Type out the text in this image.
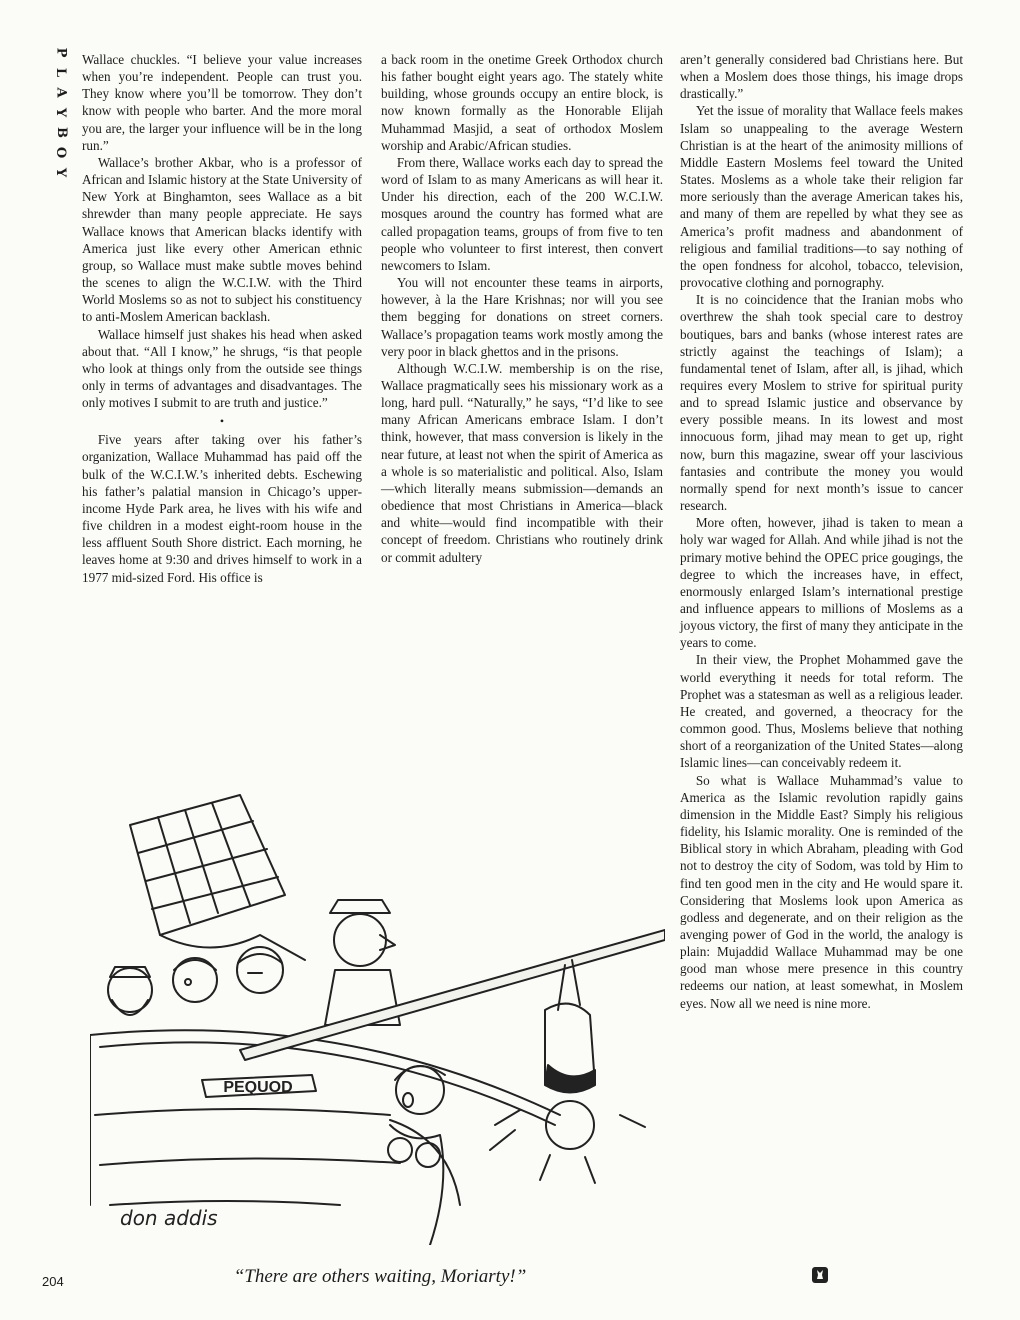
P
L
A
Y
B
O
Y

Wallace chuckles. “I believe your value increases when you’re independent. People can trust you. They know where you’ll be tomorrow. They don’t know with people who barter. And the more moral you are, the larger your influence will be in the long run.”

Wallace’s brother Akbar, who is a professor of African and Islamic history at the State University of New York at Binghamton, sees Wallace as a bit shrewder than many people appreciate. He says Wallace knows that American blacks identify with America just like every other American ethnic group, so Wallace must make subtle moves behind the scenes to align the W.C.I.W. with the Third World Moslems so as not to subject his constituency to anti-Moslem American backlash.

Wallace himself just shakes his head when asked about that. “All I know,” he shrugs, “is that people who look at things only from the outside see things only in terms of advantages and disadvantages. The only motives I submit to are truth and justice.”

•

Five years after taking over his father’s organization, Wallace Muhammad has paid off the bulk of the W.C.I.W.’s inherited debts. Eschewing his father’s palatial mansion in Chicago’s upper-income Hyde Park area, he lives with his wife and five children in a modest eight-room house in the less affluent South Shore district. Each morning, he leaves home at 9:30 and drives himself to work in a 1977 mid-sized Ford. His office is

a back room in the onetime Greek Orthodox church his father bought eight years ago. The stately white building, whose grounds occupy an entire block, is now known formally as the Honorable Elijah Muhammad Masjid, a seat of orthodox Moslem worship and Arabic/African studies.

From there, Wallace works each day to spread the word of Islam to as many Americans as will hear it. Under his direction, each of the 200 W.C.I.W. mosques around the country has formed what are called propagation teams, groups of from five to ten people who volunteer to first interest, then convert newcomers to Islam.

You will not encounter these teams in airports, however, à la the Hare Krishnas; nor will you see them begging for donations on street corners. Wallace’s propagation teams work mostly among the very poor in black ghettos and in the prisons.

Although W.C.I.W. membership is on the rise, Wallace pragmatically sees his missionary work as a long, hard pull. “Naturally,” he says, “I’d like to see many African Americans embrace Islam. I don’t think, however, that mass conversion is likely in the near future, at least not when the spirit of America as a whole is so materialistic and political. Also, Islam—which literally means submission—demands an obedience that most Christians in America—black and white—would find incompatible with their concept of freedom. Christians who routinely drink or commit adultery

aren’t generally considered bad Christians here. But when a Moslem does those things, his image drops drastically.”

Yet the issue of morality that Wallace feels makes Islam so unappealing to the average Western Christian is at the heart of the animosity millions of Middle Eastern Moslems feel toward the United States. Moslems as a whole take their religion far more seriously than the average American takes his, and many of them are repelled by what they see as America’s profit madness and abandonment of religious and familial traditions—to say nothing of the open fondness for alcohol, tobacco, television, provocative clothing and pornography.

It is no coincidence that the Iranian mobs who overthrew the shah took special care to destroy boutiques, bars and banks (whose interest rates are strictly against the teachings of Islam); a fundamental tenet of Islam, after all, is jihad, which requires every Moslem to strive for spiritual purity and to spread Islamic justice and observance by every possible means. In its lowest and most innocuous form, jihad may mean to get up, right now, burn this magazine, swear off your lascivious fantasies and contribute the money you would normally spend for next month’s issue to cancer research.

More often, however, jihad is taken to mean a holy war waged for Allah. And while jihad is not the primary motive behind the OPEC price gougings, the degree to which the increases have, in effect, enormously enlarged Islam’s international prestige and influence appears to millions of Moslems as a joyous victory, the first of many they anticipate in the years to come.

In their view, the Prophet Mohammed gave the world everything it needs for total reform. The Prophet was a statesman as well as a religious leader. He created, and governed, a theocracy for the common good. Thus, Moslems believe that nothing short of a reorganization of the United States—along Islamic lines—can conceivably redeem it.

So what is Wallace Muhammad’s value to America as the Islamic revolution rapidly gains dimension in the Middle East? Simply his religious fidelity, his Islamic morality. One is reminded of the Biblical story in which Abraham, pleading with God not to destroy the city of Sodom, was told by Him to find ten good men in the city and He would spare it. Considering that Moslems look upon America as godless and degenerate, and on their religion as the avenging power of God in the world, the analogy is plain: Mujaddid Wallace Muhammad may be one good man whose mere presence in this country redeems our nation, at least somewhat, in Moslem eyes. Now all we need is nine more.

PEQUOD
don addis
“There are others waiting, Moriarty!”
204
